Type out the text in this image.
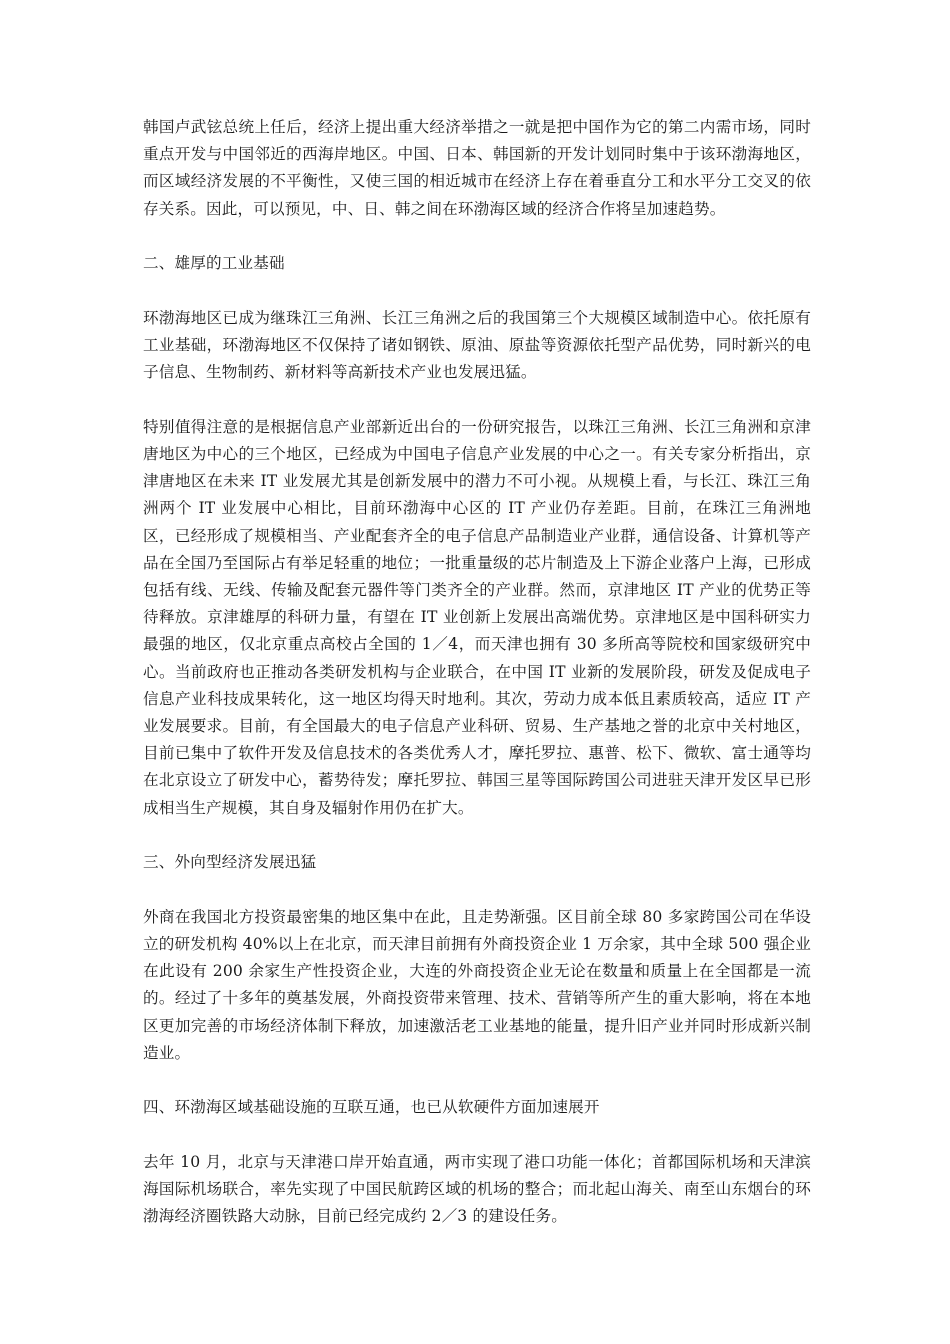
韩国卢武铉总统上任后，经济上提出重大经济举措之一就是把中国作为它的第二内需市场，同时重点开发与中国邻近的西海岸地区。中国、日本、韩国新的开发计划同时集中于该环渤海地区，而区域经济发展的不平衡性，又使三国的相近城市在经济上存在着垂直分工和水平分工交叉的依存关系。因此，可以预见，中、日、韩之间在环渤海区域的经济合作将呈加速趋势。

二、雄厚的工业基础

环渤海地区已成为继珠江三角洲、长江三角洲之后的我国第三个大规模区域制造中心。依托原有工业基础，环渤海地区不仅保持了诸如钢铁、原油、原盐等资源依托型产品优势，同时新兴的电子信息、生物制药、新材料等高新技术产业也发展迅猛。

特别值得注意的是根据信息产业部新近出台的一份研究报告，以珠江三角洲、长江三角洲和京津唐地区为中心的三个地区，已经成为中国电子信息产业发展的中心之一。有关专家分析指出，京津唐地区在未来 IT 业发展尤其是创新发展中的潜力不可小视。从规模上看，与长江、珠江三角洲两个 IT 业发展中心相比，目前环渤海中心区的 IT 产业仍存差距。目前，在珠江三角洲地区，已经形成了规模相当、产业配套齐全的电子信息产品制造业产业群，通信设备、计算机等产品在全国乃至国际占有举足轻重的地位；一批重量级的芯片制造及上下游企业落户上海，已形成包括有线、无线、传输及配套元器件等门类齐全的产业群。然而，京津地区 IT 产业的优势正等待释放。京津雄厚的科研力量，有望在 IT 业创新上发展出高端优势。京津地区是中国科研实力最强的地区，仅北京重点高校占全国的 1／4，而天津也拥有 30 多所高等院校和国家级研究中心。当前政府也正推动各类研发机构与企业联合，在中国 IT 业新的发展阶段，研发及促成电子信息产业科技成果转化，这一地区均得天时地利。其次，劳动力成本低且素质较高，适应 IT 产业发展要求。目前，有全国最大的电子信息产业科研、贸易、生产基地之誉的北京中关村地区，目前已集中了软件开发及信息技术的各类优秀人才，摩托罗拉、惠普、松下、微软、富士通等均在北京设立了研发中心，蓄势待发；摩托罗拉、韩国三星等国际跨国公司进驻天津开发区早已形成相当生产规模，其自身及辐射作用仍在扩大。

三、外向型经济发展迅猛

外商在我国北方投资最密集的地区集中在此，且走势渐强。区目前全球 80 多家跨国公司在华设立的研发机构 40%以上在北京，而天津目前拥有外商投资企业 1 万余家，其中全球 500 强企业在此设有 200 余家生产性投资企业，大连的外商投资企业无论在数量和质量上在全国都是一流的。经过了十多年的奠基发展，外商投资带来管理、技术、营销等所产生的重大影响，将在本地区更加完善的市场经济体制下释放，加速激活老工业基地的能量，提升旧产业并同时形成新兴制造业。

四、环渤海区域基础设施的互联互通，也已从软硬件方面加速展开

去年 10 月，北京与天津港口岸开始直通，两市实现了港口功能一体化；首都国际机场和天津滨海国际机场联合，率先实现了中国民航跨区域的机场的整合；而北起山海关、南至山东烟台的环渤海经济圈铁路大动脉，目前已经完成约 2／3 的建设任务。
